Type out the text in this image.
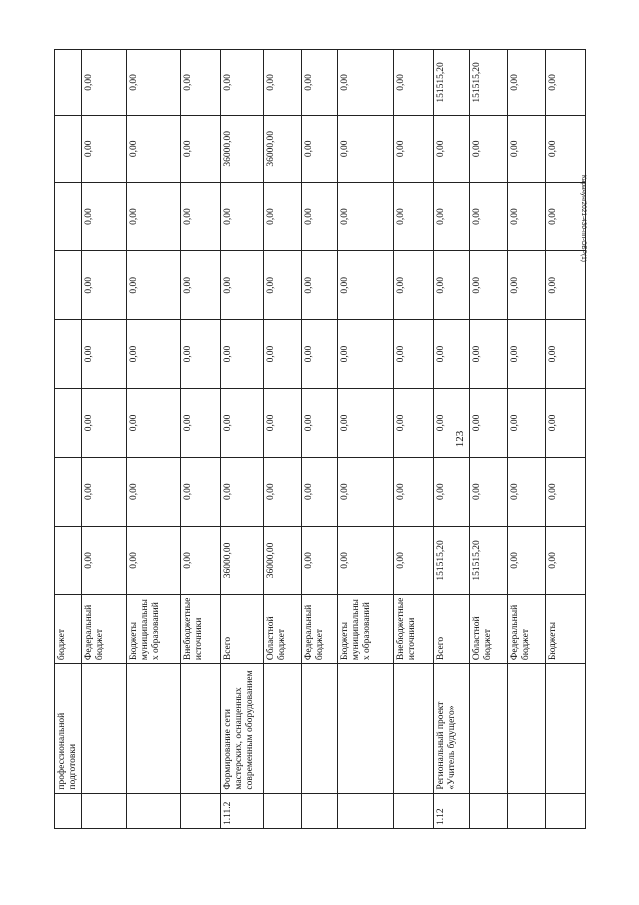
	профессиональной подготовки	бюджет								
		Федеральный бюджет	0,00	0,00	0,00	0,00	0,00	0,00	0,00	0,00
		Бюджеты муниципальны х образований	0,00	0,00	0,00	0,00	0,00	0,00	0,00	0,00
		Внебюджетные источники	0,00	0,00	0,00	0,00	0,00	0,00	0,00	0,00
1.11.2	Формирование сети мастерских, оснащенных современным оборудованием	Всего	36000,00	0,00	0,00	0,00	0,00	0,00	36000,00	0,00
		Областной бюджет	36000,00	0,00	0,00	0,00	0,00	0,00	36000,00	0,00
		Федеральный бюджет	0,00	0,00	0,00	0,00	0,00	0,00	0,00	0,00
		Бюджеты муниципальны х образований	0,00	0,00	0,00	0,00	0,00	0,00	0,00	0,00
		Внебюджетные источники	0,00	0,00	0,00	0,00	0,00	0,00	0,00	0,00
1.12	Региональный проект «Учитель будущего»	Всего	151515,20	0,00	0,00	0,00	0,00	0,00	0,00	151515,20
		Областной бюджет	151515,20	0,00	0,00	0,00	0,00	0,00	0,00	151515,20
		Федеральный бюджет	0,00	0,00	0,00	0,00	0,00	0,00	0,00	0,00
		Бюджеты	0,00	0,00	0,00	0,00	0,00	0,00	0,00	0,00
123
Карачун/2021-430-пп-ОБР(1)
